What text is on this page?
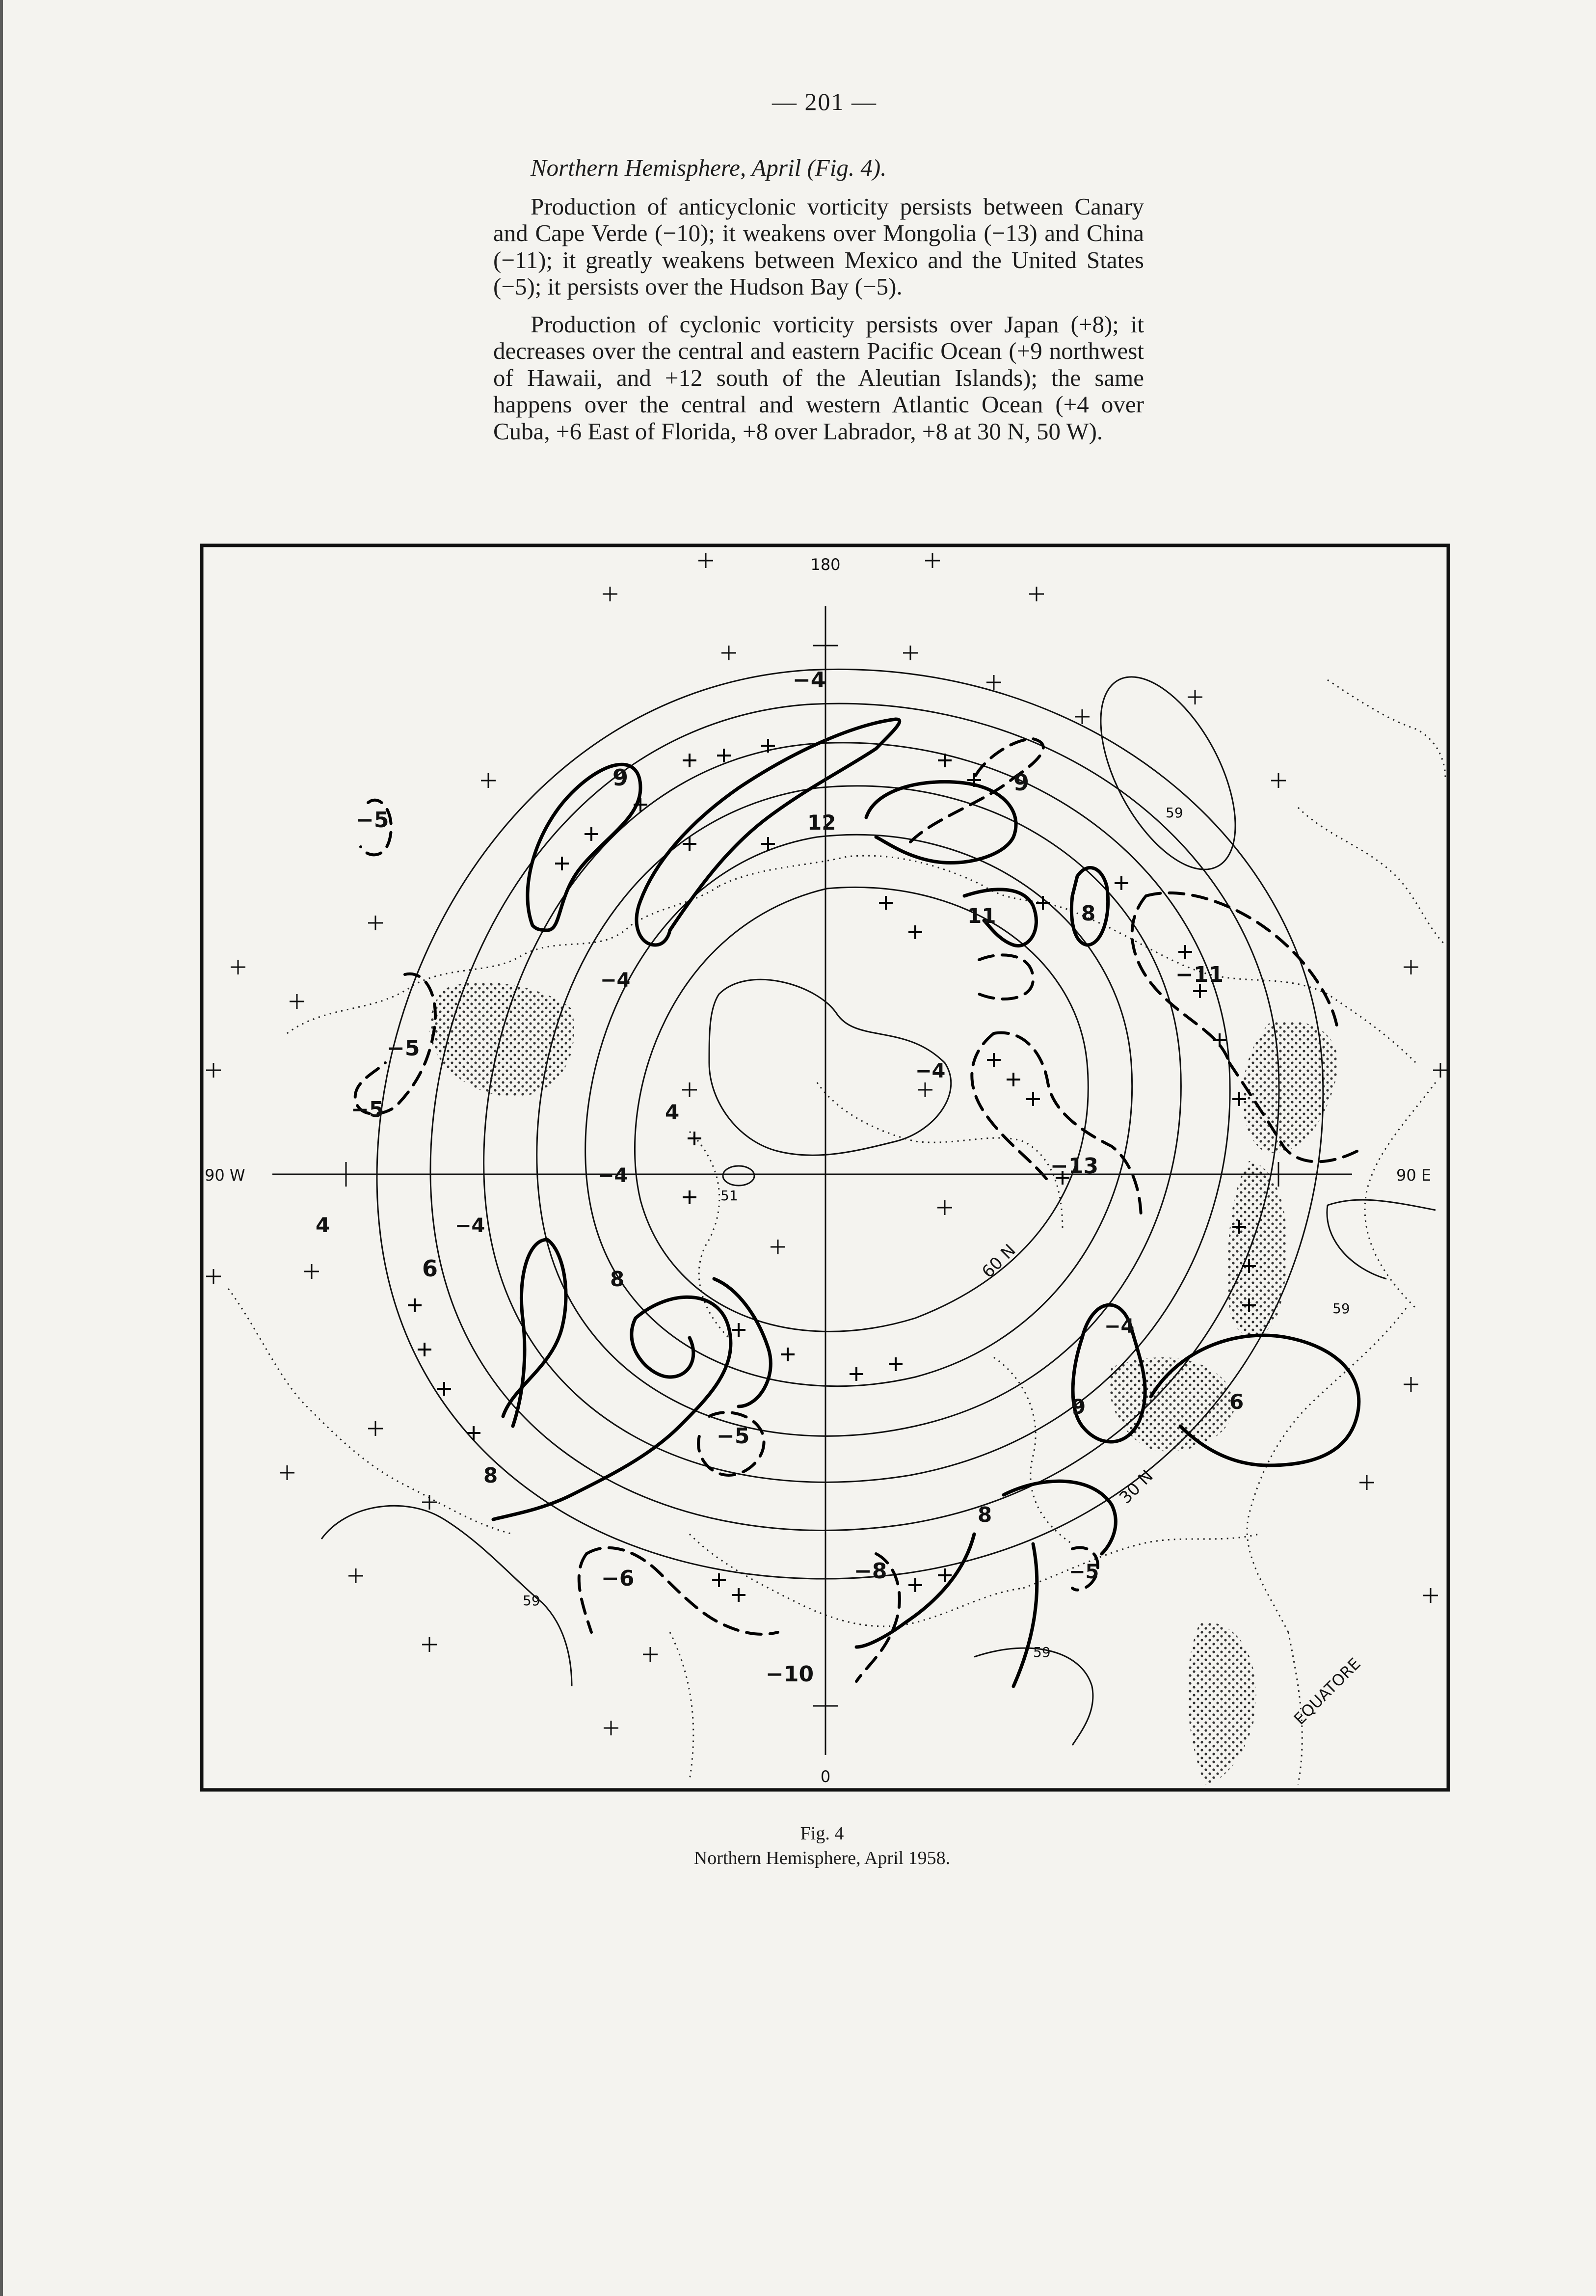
— 201 —

Northern Hemisphere, April (Fig. 4).

Production of anticyclonic vorticity persists between Canary and Cape Verde (−10); it weakens over Mongolia (−13) and China (−11); it greatly weakens between Mexico and the United States (−5); it persists over the Hudson Bay (−5).

Production of cyclonic vorticity persists over Japan (+8); it decreases over the central and eastern Pacific Ocean (+9 northwest of Hawaii, and +12 south of the Aleutian Islands); the same happens over the central and western Atlantic Ocean (+4 over Cuba, +6 East of Florida, +8 over Labrador, +8 at 30 N, 50 W).

180
0
90 W	90 E
60 N
30 N
EQUATORE
59
51
59
59
59
9
12
9
8
11
4
8
6
4
8
8
9	6
−4
−4
−4
−4
−4
−5
−5
−5
−11
−13
−5
−6	−8
−10
−5
−4
Fig. 4
Northern Hemisphere, April 1958.
